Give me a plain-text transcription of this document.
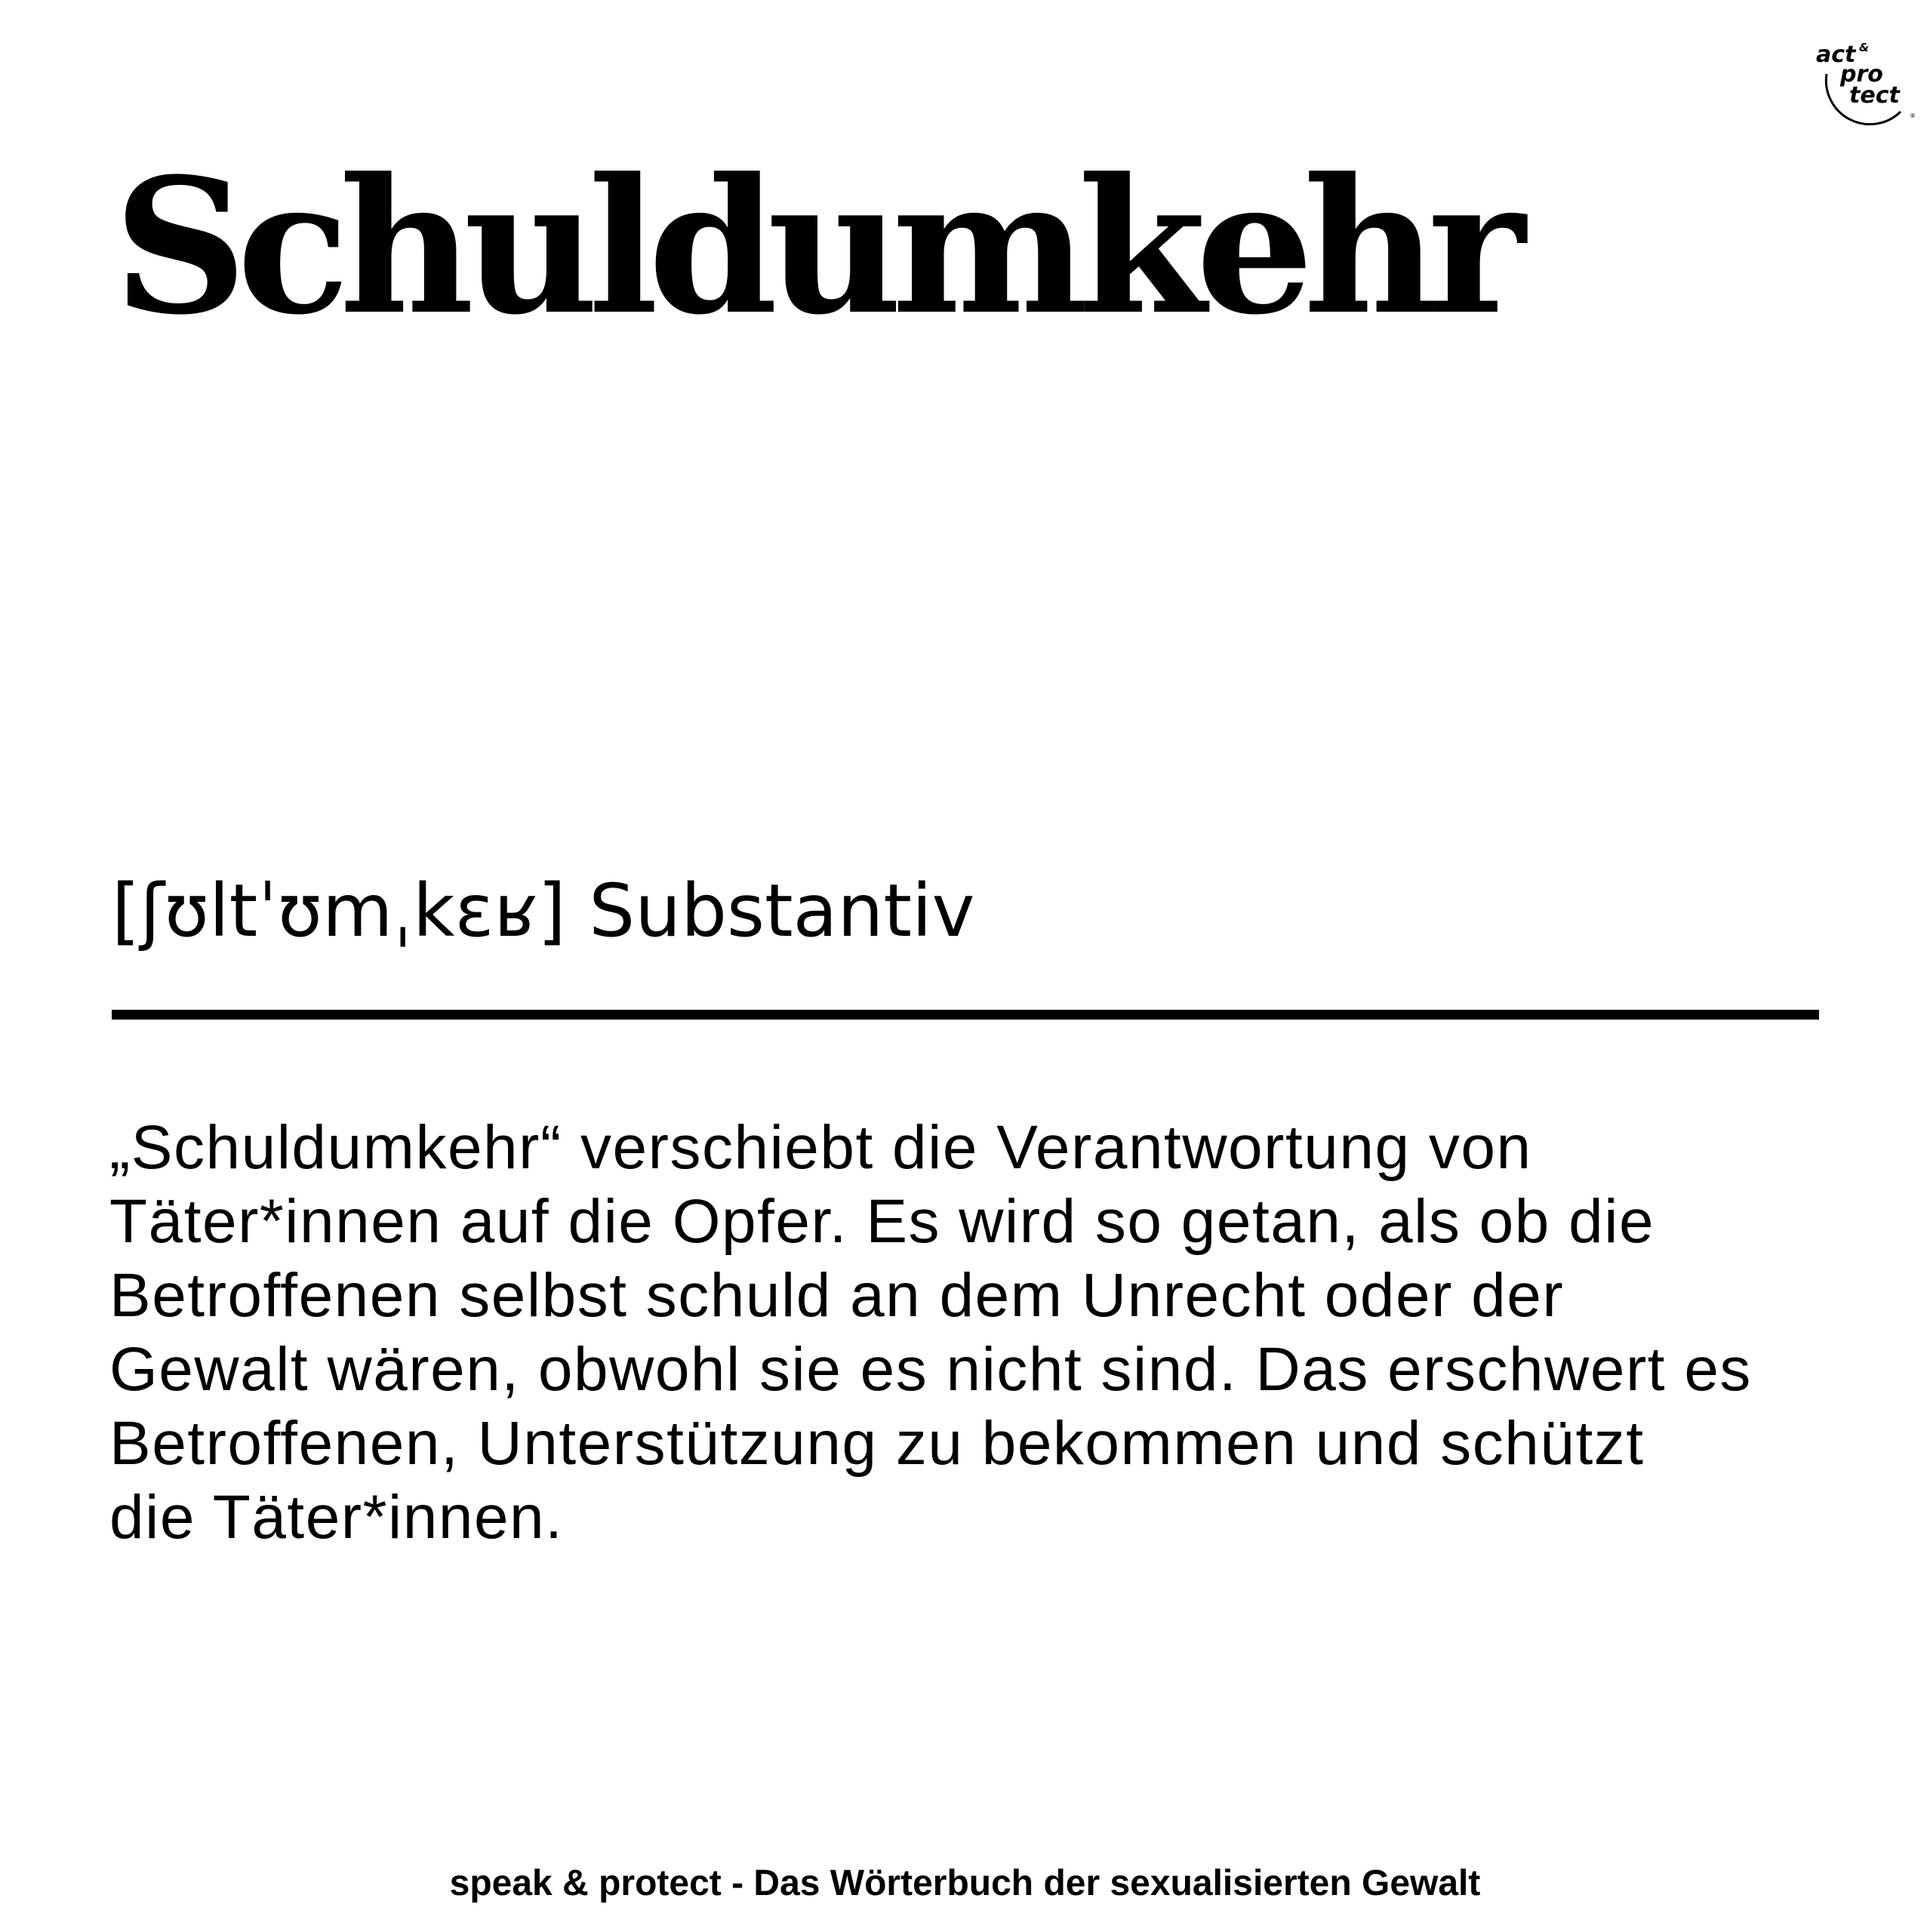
act &
pro
tect
®
Schuldumkehr
[ʃʊltˈʊmˌkɛʁ] Substantiv

„Schuldumkehr“ verschiebt die Verantwortung von
Täter*innen auf die Opfer. Es wird so getan, als ob die
Betroffenen selbst schuld an dem Unrecht oder der
Gewalt wären, obwohl sie es nicht sind. Das erschwert es
Betroffenen, Unterstützung zu bekommen und schützt
die Täter*innen.

speak & protect - Das Wörterbuch der sexualisierten Gewalt
